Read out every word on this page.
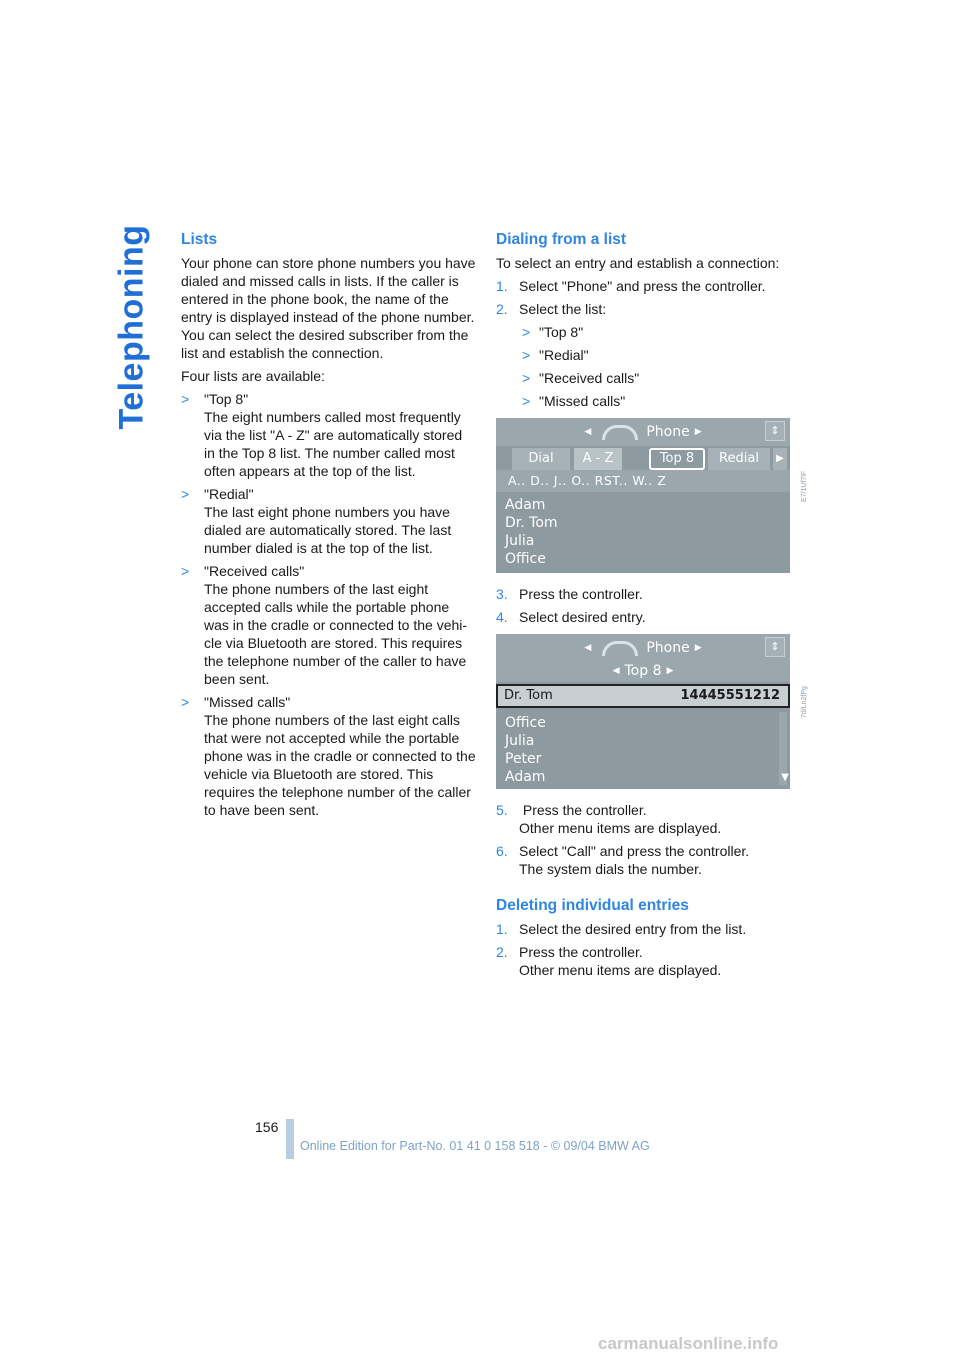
Telephoning Lists

Your phone can store phone numbers you have dialed and missed calls in lists. If the caller is entered in the phone book, the name of the entry is displayed instead of the phone number. You can select the desired subscriber from the list and establish the connection.

Four lists are available:

> "Top 8"
The eight numbers called most frequently via the list "A - Z" are automatically stored in the Top 8 list. The number called most often appears at the top of the list.
> "Redial"
The last eight phone numbers you have dialed are automatically stored. The last number dialed is at the top of the list.
> "Received calls"
The phone numbers of the last eight accepted calls while the portable phone was in the cradle or connected to the vehi-cle via Bluetooth are stored. This requires the telephone number of the caller to have been sent.
> "Missed calls"
The phone numbers of the last eight calls that were not accepted while the portable phone was in the cradle or connected to the vehicle via Bluetooth are stored. This requires the telephone number of the caller to have been sent.
Dialing from a list

To select an entry and establish a connection:

1. Select "Phone" and press the controller.
2. Select the list:
> "Top 8"
> "Redial"
> "Received calls"
> "Missed calls"
◀	Phone ▶	⇕
Dial	A - Z	Top 8	Redial	▶
A.. D.. J.. O.. RST.. W.. Z
Adam
Dr. Tom
Julia
Office
E7/1Uf7lF
3. Press the controller.
4. Select desired entry.
◀	Phone ▶	⇕
◀ Top 8 ▶
Dr. Tom	14445551212
Office
Julia
Peter
Adam	▼
7d/Ln2fPg
5. Press the controller.
Other menu items are displayed.
6. Select "Call" and press the controller.
The system dials the number.
Deleting individual entries
1. Select the desired entry from the list.
2. Press the controller.
Other menu items are displayed.
156
Online Edition for Part-No. 01 41 0 158 518 - © 09/04 BMW AG
carmanualsonline.info
